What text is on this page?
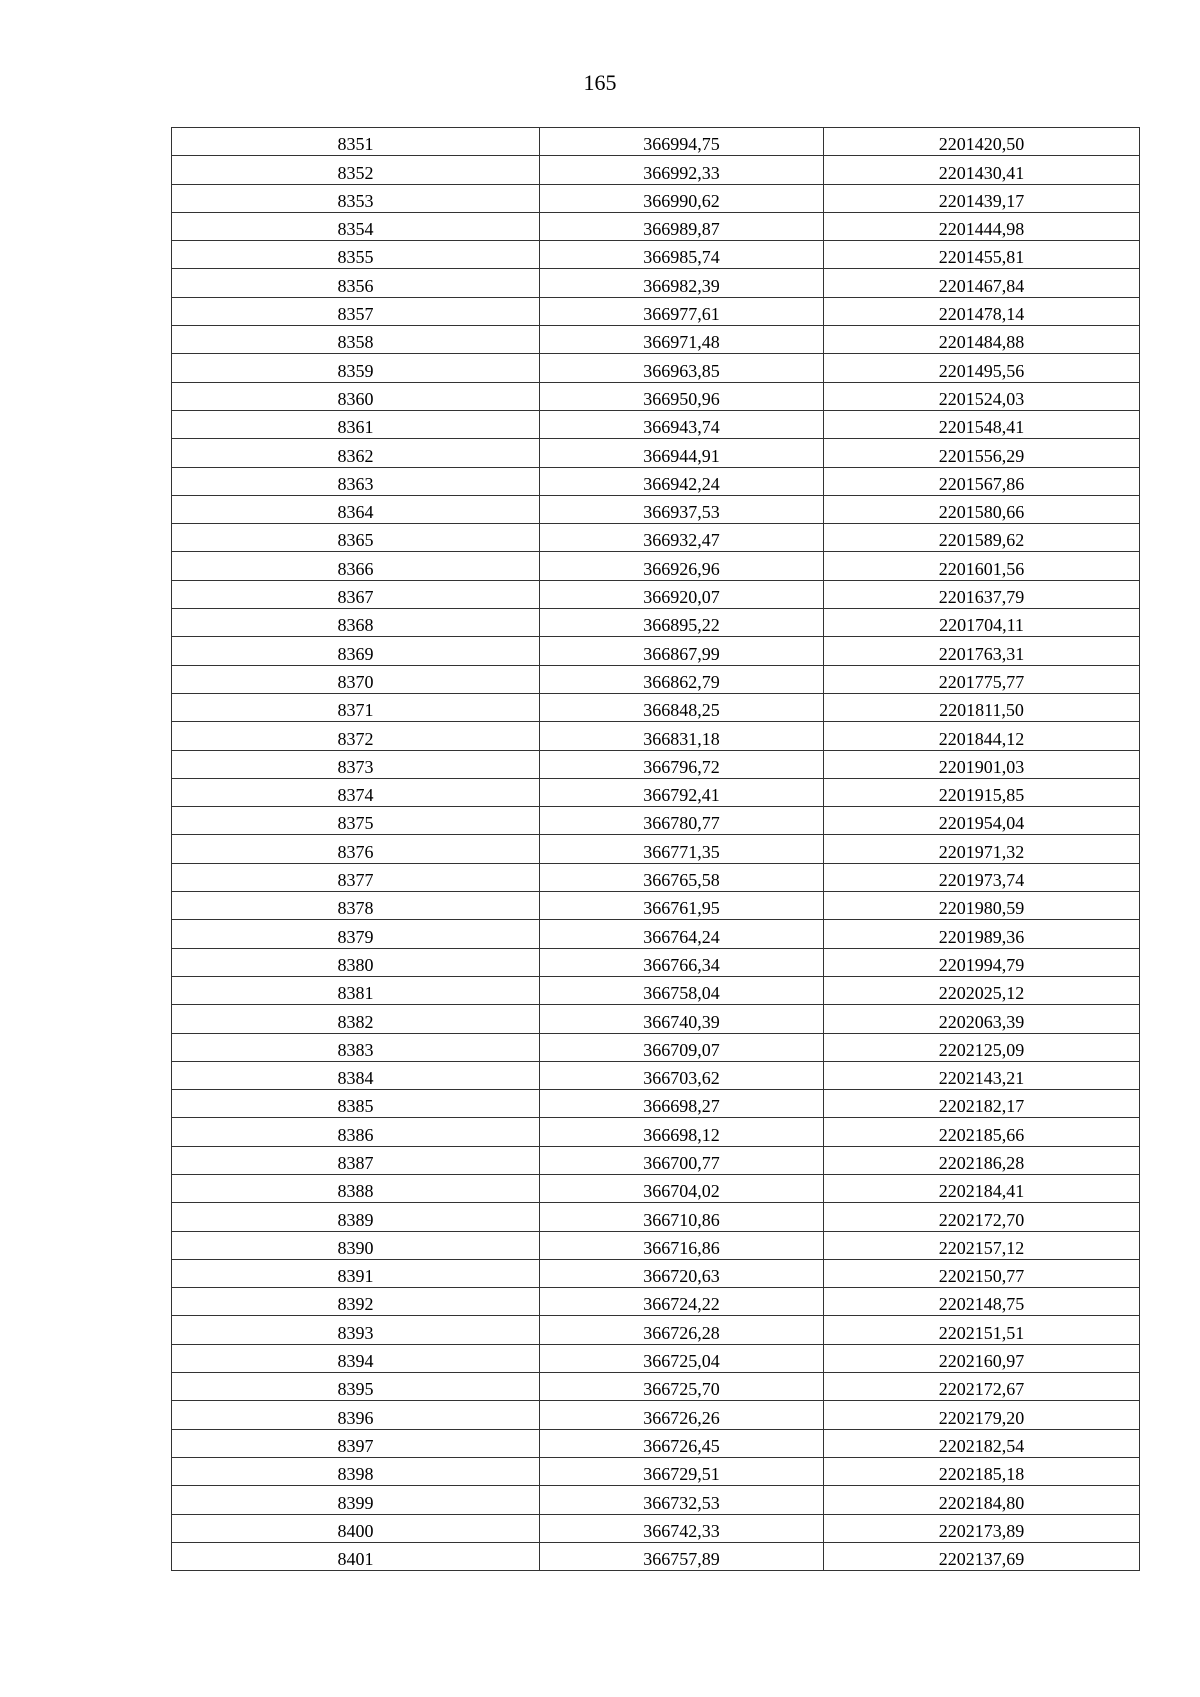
165
8351	366994,75	2201420,50
8352	366992,33	2201430,41
8353	366990,62	2201439,17
8354	366989,87	2201444,98
8355	366985,74	2201455,81
8356	366982,39	2201467,84
8357	366977,61	2201478,14
8358	366971,48	2201484,88
8359	366963,85	2201495,56
8360	366950,96	2201524,03
8361	366943,74	2201548,41
8362	366944,91	2201556,29
8363	366942,24	2201567,86
8364	366937,53	2201580,66
8365	366932,47	2201589,62
8366	366926,96	2201601,56
8367	366920,07	2201637,79
8368	366895,22	2201704,11
8369	366867,99	2201763,31
8370	366862,79	2201775,77
8371	366848,25	2201811,50
8372	366831,18	2201844,12
8373	366796,72	2201901,03
8374	366792,41	2201915,85
8375	366780,77	2201954,04
8376	366771,35	2201971,32
8377	366765,58	2201973,74
8378	366761,95	2201980,59
8379	366764,24	2201989,36
8380	366766,34	2201994,79
8381	366758,04	2202025,12
8382	366740,39	2202063,39
8383	366709,07	2202125,09
8384	366703,62	2202143,21
8385	366698,27	2202182,17
8386	366698,12	2202185,66
8387	366700,77	2202186,28
8388	366704,02	2202184,41
8389	366710,86	2202172,70
8390	366716,86	2202157,12
8391	366720,63	2202150,77
8392	366724,22	2202148,75
8393	366726,28	2202151,51
8394	366725,04	2202160,97
8395	366725,70	2202172,67
8396	366726,26	2202179,20
8397	366726,45	2202182,54
8398	366729,51	2202185,18
8399	366732,53	2202184,80
8400	366742,33	2202173,89
8401	366757,89	2202137,69
